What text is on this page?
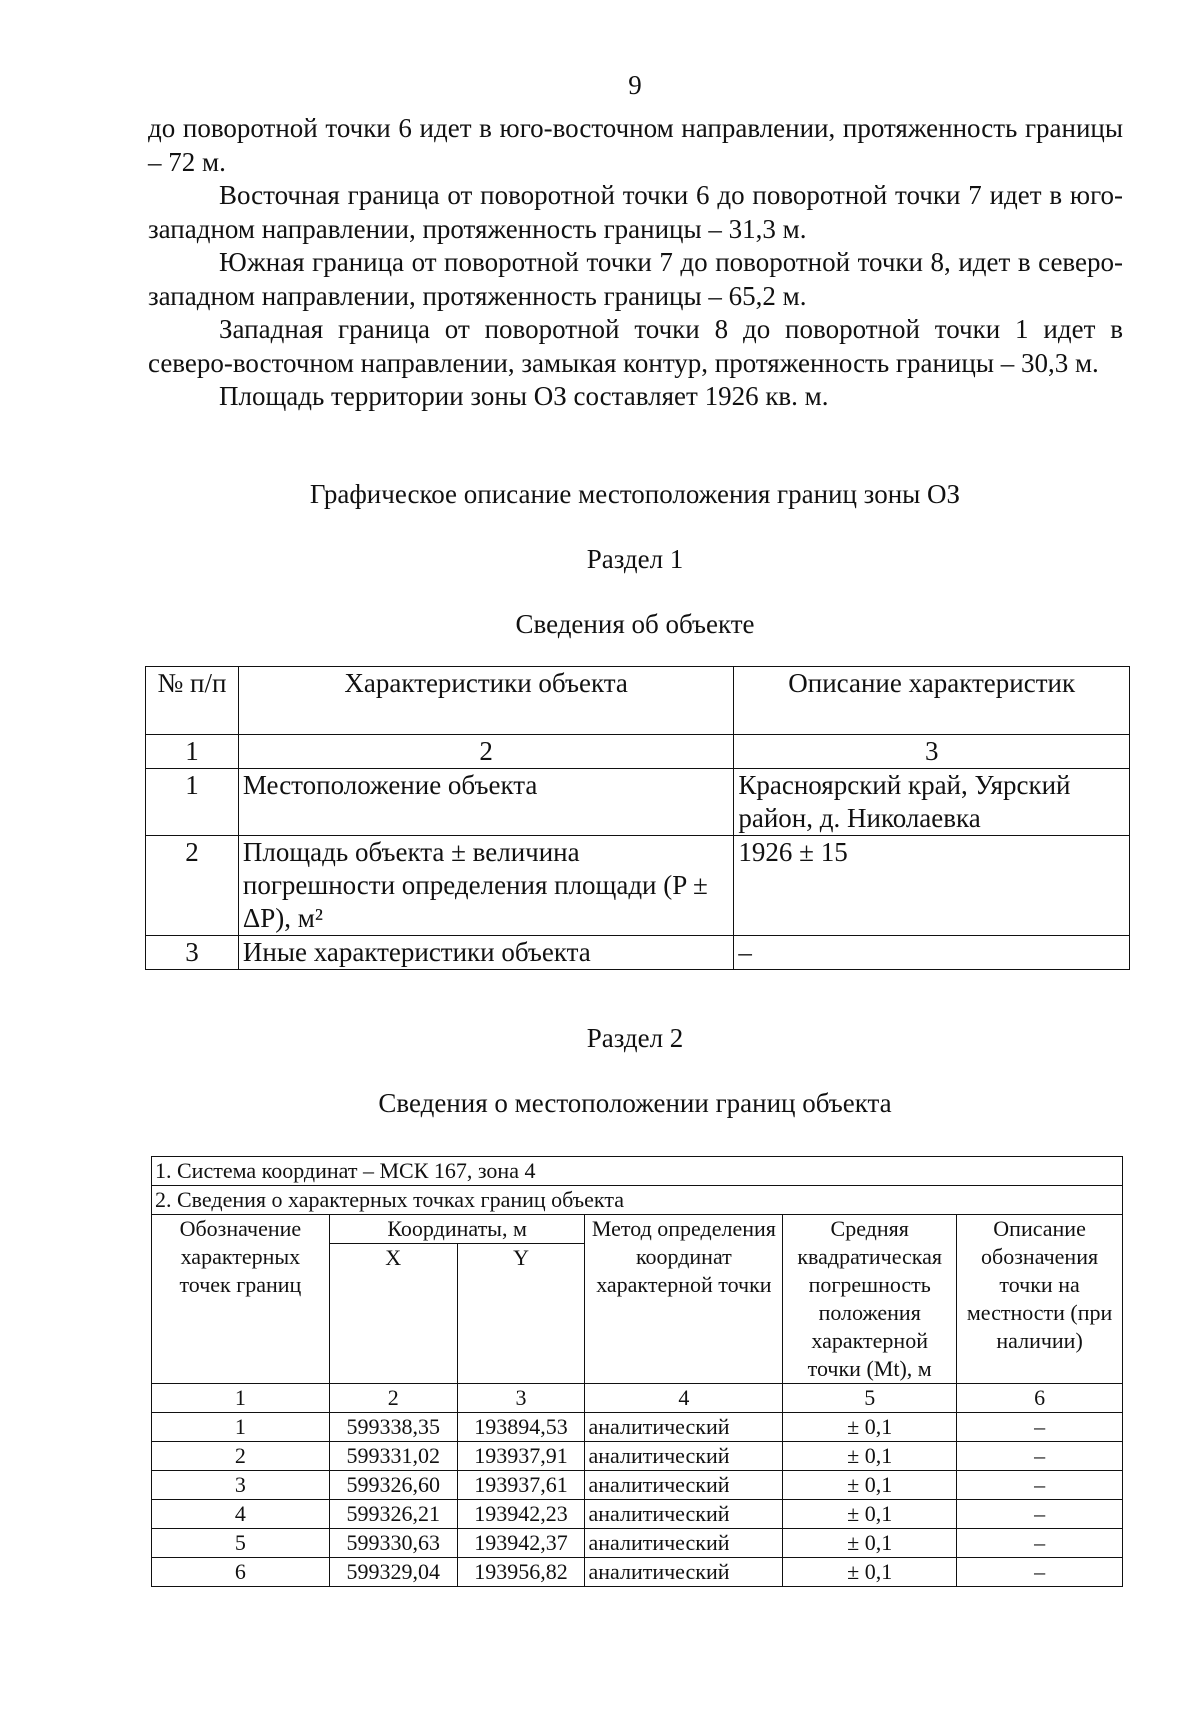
9

до поворотной точки 6 идет в юго-восточном направлении, протяженность границы – 72 м.

Восточная граница от поворотной точки 6 до поворотной точки 7 идет в юго-западном направлении, протяженность границы – 31,3 м.

Южная граница от поворотной точки 7 до поворотной точки 8, идет в северо-западном направлении, протяженность границы – 65,2 м.

Западная граница от поворотной точки 8 до поворотной точки 1 идет в северо-восточном направлении, замыкая контур, протяженность границы – 30,3 м.

Площадь территории зоны ОЗ составляет 1926 кв. м.

Графическое описание местоположения границ зоны ОЗ
Раздел 1
Сведения об объекте
№ п/п	Характеристики объекта	Описание характеристик
1	2	3
1	Местоположение объекта	Красноярский край, Уярский район, д. Николаевка
2	Площадь объекта ± величина погрешности определения площади (P ± ΔP), м²	1926 ± 15
3	Иные характеристики объекта	–
Раздел 2
Сведения о местоположении границ объекта
1. Система координат – МСК 167, зона 4					
2. Сведения о характерных точках границ объекта					
Обозначение характерных точек границ	Координаты, м		Метод определения координат характерной точки	Средняя квадратическая погрешность положения характерной точки (Mt), м	Описание обозначения точки на местности (при наличии)
	X	Y			
1	2	3	4	5	6
1	599338,35	193894,53	аналитический	± 0,1	–
2	599331,02	193937,91	аналитический	± 0,1	–
3	599326,60	193937,61	аналитический	± 0,1	–
4	599326,21	193942,23	аналитический	± 0,1	–
5	599330,63	193942,37	аналитический	± 0,1	–
6	599329,04	193956,82	аналитический	± 0,1	–
